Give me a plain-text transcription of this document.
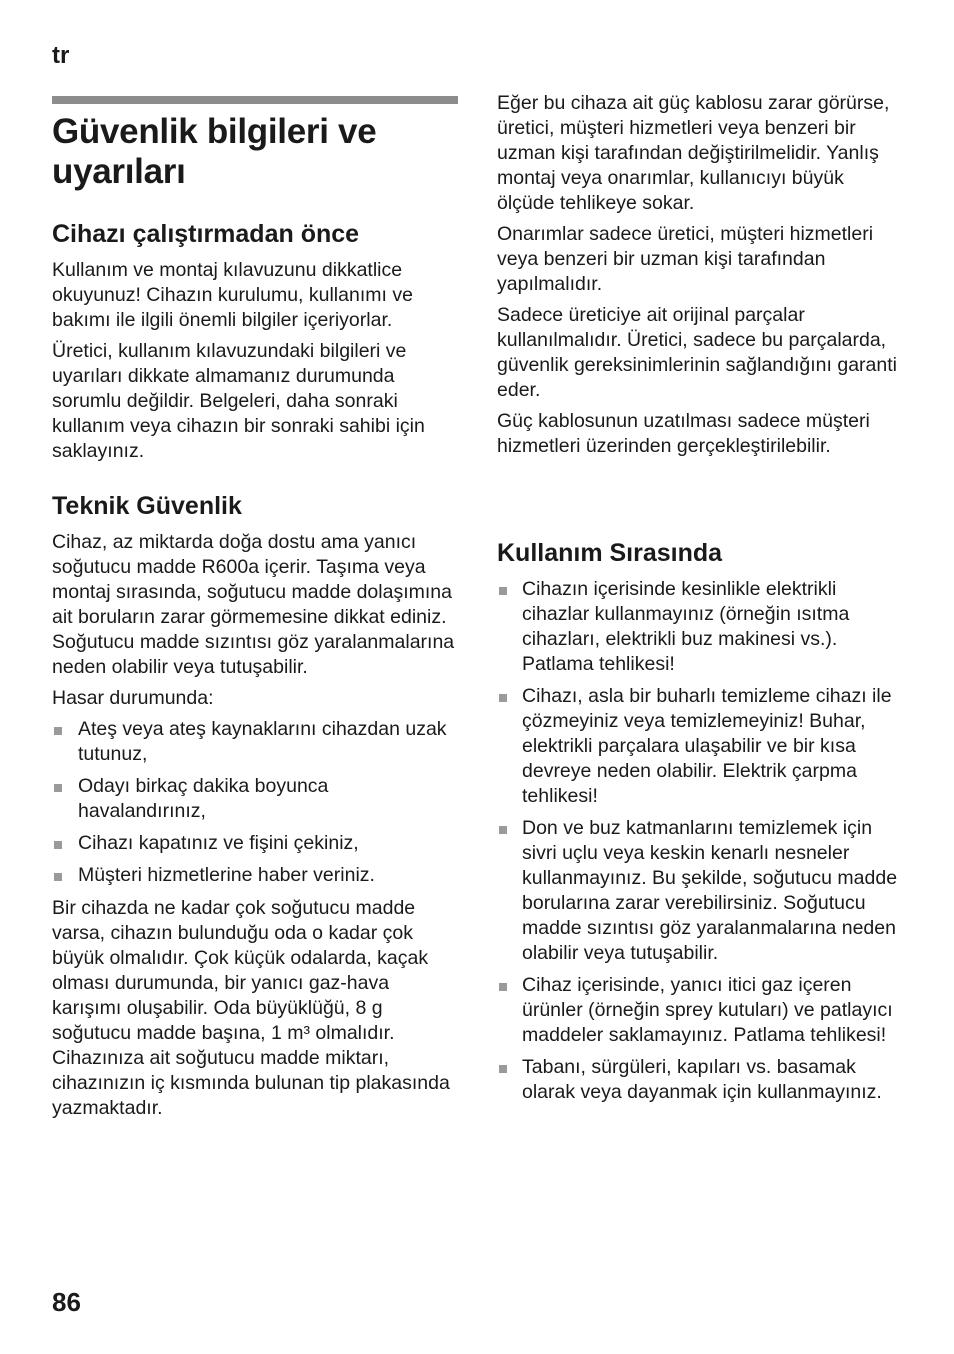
tr
Güvenlik bilgileri ve uyarıları
Cihazı çalıştırmadan önce

Kullanım ve montaj kılavuzunu dikkatlice okuyunuz! Cihazın kurulumu, kullanımı ve bakımı ile ilgili önemli bilgiler içeriyorlar.

Üretici, kullanım kılavuzundaki bilgileri ve uyarıları dikkate almamanız durumunda sorumlu değildir. Belgeleri, daha sonraki kullanım veya cihazın bir sonraki sahibi için saklayınız.

Teknik Güvenlik

Cihaz, az miktarda doğa dostu ama yanıcı soğutucu madde R600a içerir. Taşıma veya montaj sırasında, soğutucu madde dolaşımına ait boruların zarar görmemesine dikkat ediniz. Soğutucu madde sızıntısı göz yaralanmalarına neden olabilir veya tutuşabilir.

Hasar durumunda:

Ateş veya ateş kaynaklarını cihazdan uzak tutunuz,
Odayı birkaç dakika boyunca havalandırınız,
Cihazı kapatınız ve fişini çekiniz,
Müşteri hizmetlerine haber veriniz.

Bir cihazda ne kadar çok soğutucu madde varsa, cihazın bulunduğu oda o kadar çok büyük olmalıdır. Çok küçük odalarda, kaçak olması durumunda, bir yanıcı gaz-hava karışımı oluşabilir. Oda büyüklüğü, 8 g soğutucu madde başına, 1 m³ olmalıdır. Cihazınıza ait soğutucu madde miktarı, cihazınızın iç kısmında bulunan tip plakasında yazmaktadır.

Eğer bu cihaza ait güç kablosu zarar görürse, üretici, müşteri hizmetleri veya benzeri bir uzman kişi tarafından değiştirilmelidir. Yanlış montaj veya onarımlar, kullanıcıyı büyük ölçüde tehlikeye sokar.

Onarımlar sadece üretici, müşteri hizmetleri veya benzeri bir uzman kişi tarafından yapılmalıdır.

Sadece üreticiye ait orijinal parçalar kullanılmalıdır. Üretici, sadece bu parçalarda, güvenlik gereksinimlerinin sağlandığını garanti eder.

Güç kablosunun uzatılması sadece müşteri hizmetleri üzerinden gerçekleştirilebilir.

Kullanım Sırasında
Cihazın içerisinde kesinlikle elektrikli cihazlar kullanmayınız (örneğin ısıtma cihazları, elektrikli buz makinesi vs.). Patlama tehlikesi!
Cihazı, asla bir buharlı temizleme cihazı ile çözmeyiniz veya temizlemeyiniz! Buhar, elektrikli parçalara ulaşabilir ve bir kısa devreye neden olabilir. Elektrik çarpma tehlikesi!
Don ve buz katmanlarını temizlemek için sivri uçlu veya keskin kenarlı nesneler kullanmayınız. Bu şekilde, soğutucu madde borularına zarar verebilirsiniz. Soğutucu madde sızıntısı göz yaralanmalarına neden olabilir veya tutuşabilir.
Cihaz içerisinde, yanıcı itici gaz içeren ürünler (örneğin sprey kutuları) ve patlayıcı maddeler saklamayınız. Patlama tehlikesi!
Tabanı, sürgüleri, kapıları vs. basamak olarak veya dayanmak için kullanmayınız.
86
